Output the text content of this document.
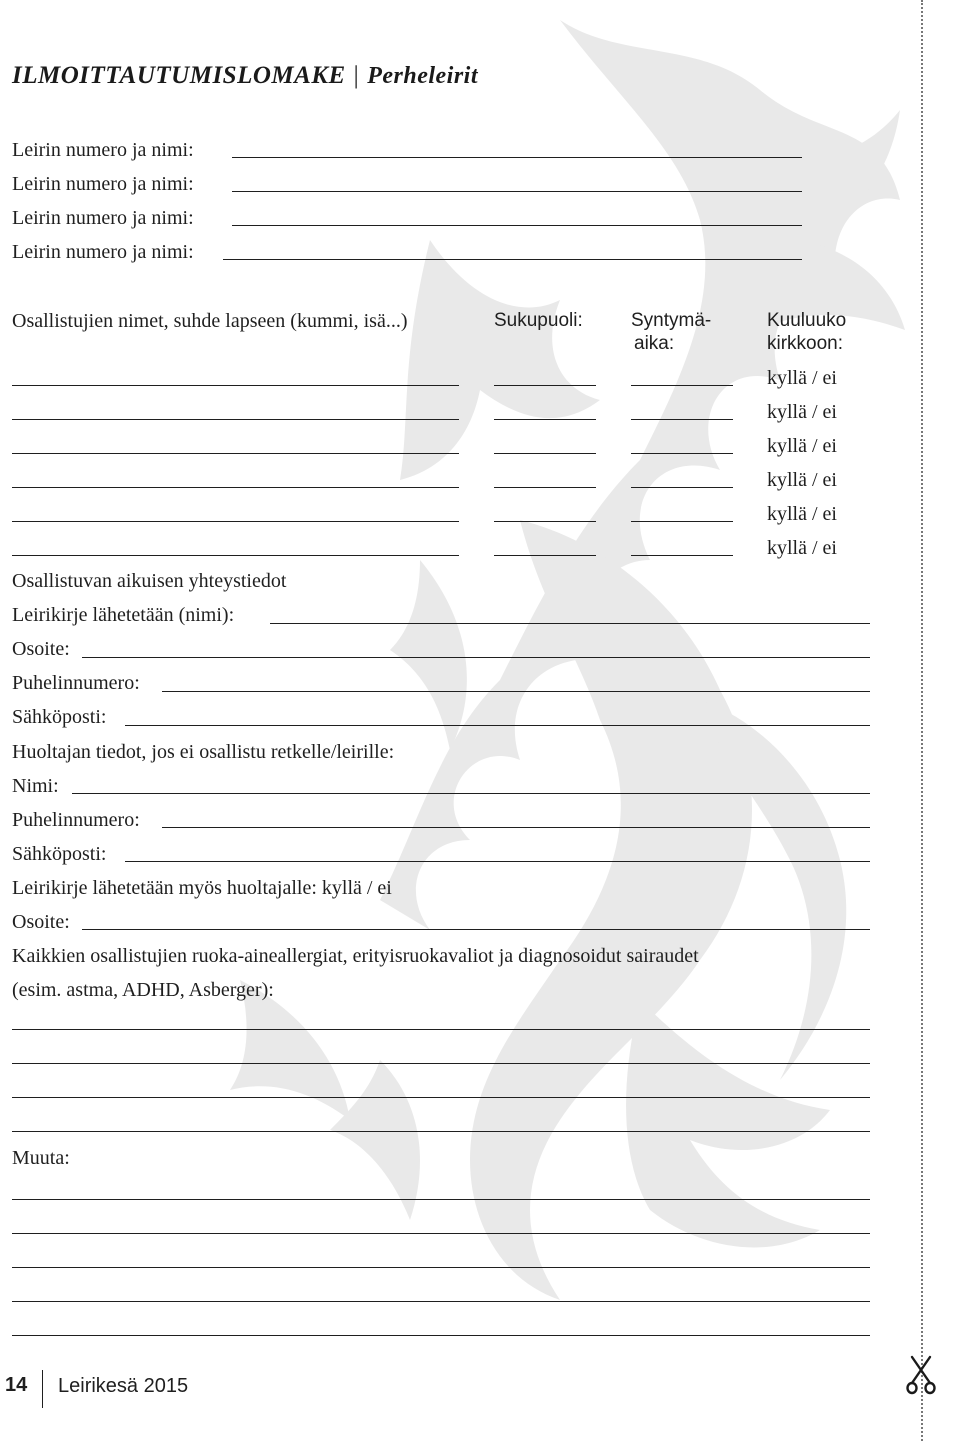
ILMOITTAUTUMISLOMAKE | Perheleirit
Leirin numero ja nimi:
Leirin numero ja nimi:
Leirin numero ja nimi:
Leirin numero ja nimi:
Osallistujien nimet, suhde lapseen (kummi, isä...)	Sukupuoli:	Syntymä-
aika:
Kuuluuko
kirkkoon:
kyllä / ei
kyllä / ei
kyllä / ei
kyllä / ei
kyllä / ei
kyllä / ei
Osallistuvan aikuisen yhteystiedot
Leirikirje lähetetään (nimi):
Osoite:
Puhelinnumero:
Sähköposti:
Huoltajan tiedot, jos ei osallistu retkelle/leirille:
Nimi:
Puhelinnumero:
Sähköposti:
Leirikirje lähetetään myös huoltajalle: kyllä / ei
Osoite:
Kaikkien osallistujien ruoka-aineallergiat, erityisruokavaliot ja diagnosoidut sairaudet
(esim. astma, ADHD, Asberger):
Muuta:
14 Leirikesä 2015
